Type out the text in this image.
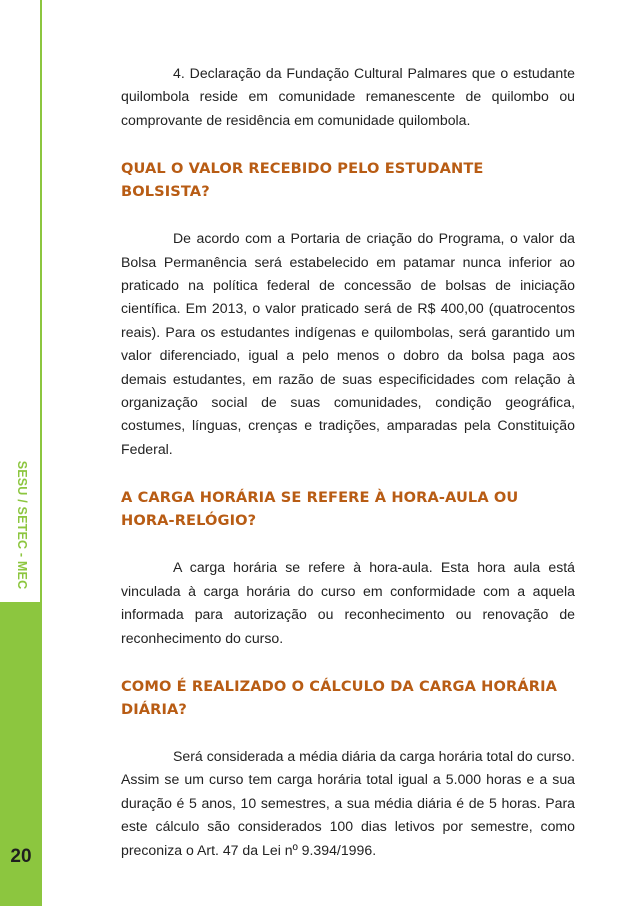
SESU / SETEC - MEC
20

4. Declaração da Fundação Cultural Palmares que o estudante quilombola reside em comunidade remanescente de quilombo ou comprovante de residência em comunidade quilombola.

QUAL O VALOR RECEBIDO PELO ESTUDANTE BOLSISTA?

De acordo com a Portaria de criação do Programa, o valor da Bolsa Permanência será estabelecido em patamar nunca inferior ao praticado na política federal de concessão de bolsas de iniciação científica. Em 2013, o valor praticado será de R$ 400,00 (quatrocentos reais). Para os estudantes indígenas e quilombolas, será garantido um valor diferenciado, igual a pelo menos o dobro da bolsa paga aos demais estudantes, em razão de suas especificidades com relação à organização social de suas comunidades, condição geográfica, costumes, línguas, crenças e tradições, amparadas pela Constituição Federal.

A CARGA HORÁRIA SE REFERE À HORA-AULA OU HORA-RELÓGIO?

A carga horária se refere à hora-aula. Esta hora aula está vinculada à carga horária do curso em conformidade com a aquela informada para autorização ou reconhecimento ou renovação de reconhecimento do curso.

COMO É REALIZADO O CÁLCULO DA CARGA HORÁRIA DIÁRIA?

Será considerada a média diária da carga horária total do curso. Assim se um curso tem carga horária total igual a 5.000 horas e a sua duração é 5 anos, 10 semestres, a sua média diária é de 5 horas. Para este cálculo são considerados 100 dias letivos por semestre, como preconiza o Art. 47 da Lei nº 9.394/1996.
